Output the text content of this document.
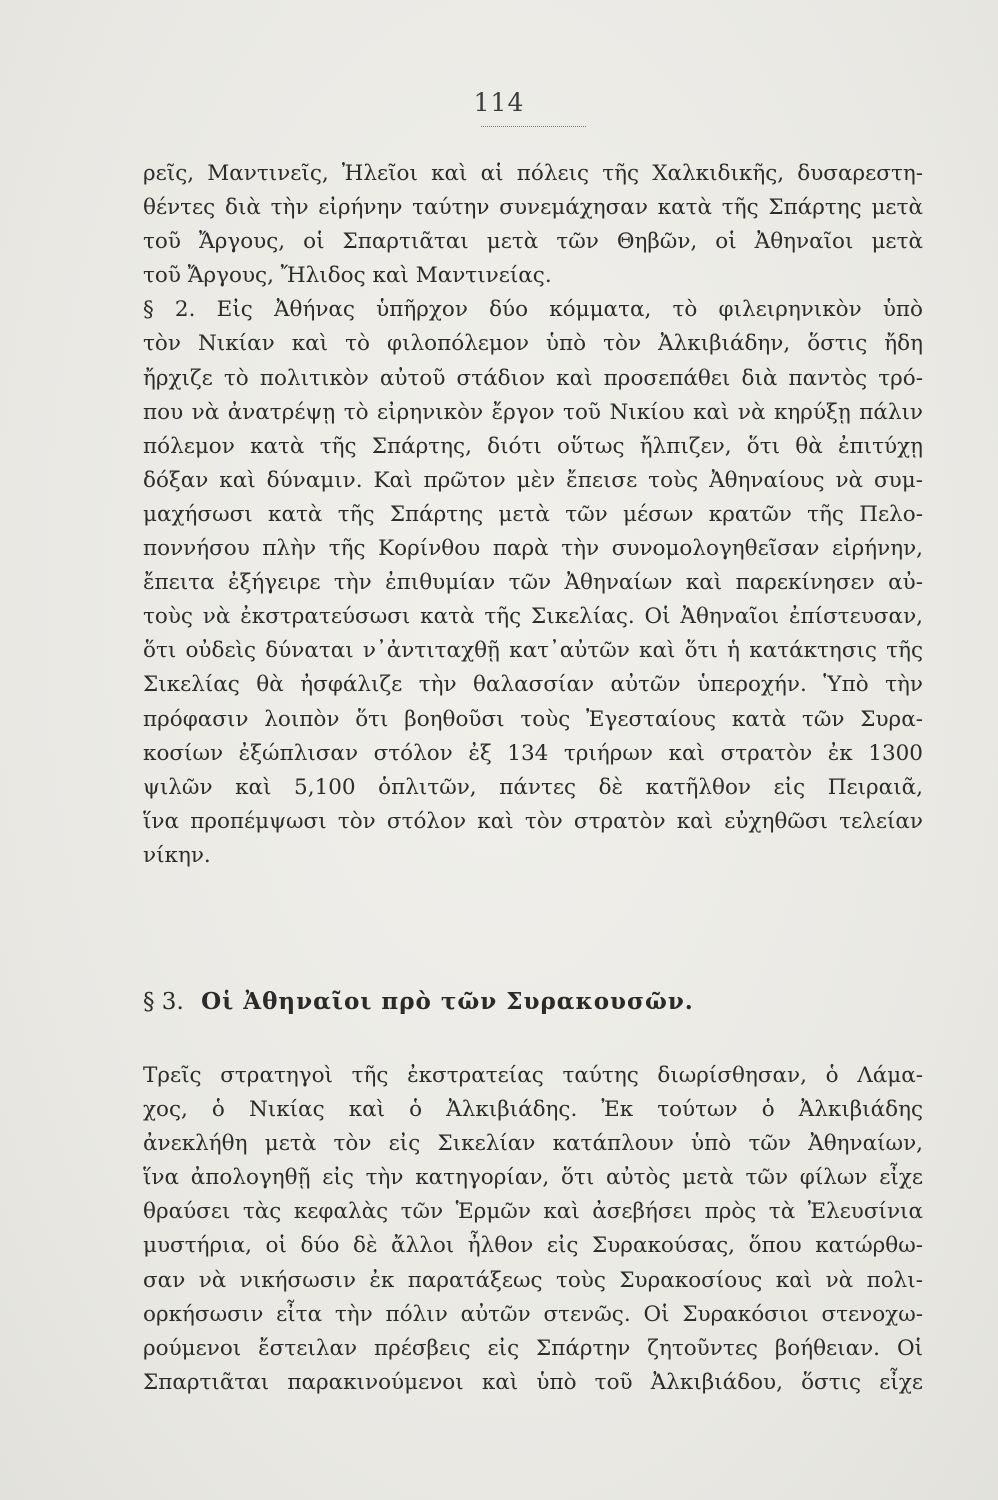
114
ρεῖς, Μαντινεῖς, Ἠλεῖοι καὶ αἱ πόλεις τῆς Χαλκιδικῆς, δυσαρεστη-
θέντες διὰ τὴν εἰρήνην ταύτην συνεμάχησαν κατὰ τῆς Σπάρτης μετὰ
τοῦ Ἄργους, οἱ Σπαρτιᾶται μετὰ τῶν Θηβῶν, οἱ Ἀθηναῖοι μετὰ
τοῦ Ἄργους, Ἤλιδος καὶ Μαντινείας.
§ 2. Εἰς Ἀθήνας ὑπῆρχον δύο κόμματα, τὸ φιλειρηνικὸν ὑπὸ
τὸν Νικίαν καὶ τὸ φιλοπόλεμον ὑπὸ τὸν Ἀλκιβιάδην, ὅστις ἤδη
ἤρχιζε τὸ πολιτικὸν αὐτοῦ στάδιον καὶ προσεπάθει διὰ παντὸς τρό-
που νὰ ἀνατρέψῃ τὸ εἰρηνικὸν ἔργον τοῦ Νικίου καὶ νὰ κηρύξῃ πάλιν
πόλεμον κατὰ τῆς Σπάρτης, διότι οὕτως ἤλπιζεν, ὅτι θὰ ἐπιτύχῃ
δόξαν καὶ δύναμιν. Καὶ πρῶτον μὲν ἔπεισε τοὺς Ἀθηναίους νὰ συμ-
μαχήσωσι κατὰ τῆς Σπάρτης μετὰ τῶν μέσων κρατῶν τῆς Πελο-
ποννήσου πλὴν τῆς Κορίνθου παρὰ τὴν συνομολογηθεῖσαν εἰρήνην,
ἔπειτα ἐξήγειρε τὴν ἐπιθυμίαν τῶν Ἀθηναίων καὶ παρεκίνησεν αὐ-
τοὺς νὰ ἐκστρατεύσωσι κατὰ τῆς Σικελίας. Οἱ Ἀθηναῖοι ἐπίστευσαν,
ὅτι οὐδεὶς δύναται ν᾽ἀντιταχθῇ κατ᾽αὐτῶν καὶ ὅτι ἡ κατάκτησις τῆς
Σικελίας θὰ ἠσφάλιζε τὴν θαλασσίαν αὐτῶν ὑπεροχήν. Ὑπὸ τὴν
πρόφασιν λοιπὸν ὅτι βοηθοῦσι τοὺς Ἐγεσταίους κατὰ τῶν Συρα-
κοσίων ἐξώπλισαν στόλον ἐξ 134 τριήρων καὶ στρατὸν ἐκ 1300
ψιλῶν καὶ 5,100 ὁπλιτῶν, πάντες δὲ κατῆλθον εἰς Πειραιᾶ,
ἵνα προπέμψωσι τὸν στόλον καὶ τὸν στρατὸν καὶ εὐχηθῶσι τελείαν
νίκην.
§ 3. Οἱ Ἀθηναῖοι πρὸ τῶν Συρακουσῶν.
Τρεῖς στρατηγοὶ τῆς ἐκστρατείας ταύτης διωρίσθησαν, ὁ Λάμα-
χος, ὁ Νικίας καὶ ὁ Ἀλκιβιάδης. Ἐκ τούτων ὁ Ἀλκιβιάδης
ἀνεκλήθη μετὰ τὸν εἰς Σικελίαν κατάπλουν ὑπὸ τῶν Ἀθηναίων,
ἵνα ἀπολογηθῇ εἰς τὴν κατηγορίαν, ὅτι αὐτὸς μετὰ τῶν φίλων εἶχε
θραύσει τὰς κεφαλὰς τῶν Ἑρμῶν καὶ ἀσεβήσει πρὸς τὰ Ἐλευσίνια
μυστήρια, οἱ δύο δὲ ἄλλοι ἦλθον εἰς Συρακούσας, ὅπου κατώρθω-
σαν νὰ νικήσωσιν ἐκ παρατάξεως τοὺς Συρακοσίους καὶ νὰ πολι-
ορκήσωσιν εἶτα τὴν πόλιν αὐτῶν στενῶς. Οἱ Συρακόσιοι στενοχω-
ρούμενοι ἔστειλαν πρέσβεις εἰς Σπάρτην ζητοῦντες βοήθειαν. Οἱ
Σπαρτιᾶται παρακινούμενοι καὶ ὑπὸ τοῦ Ἀλκιβιάδου, ὅστις εἶχε
